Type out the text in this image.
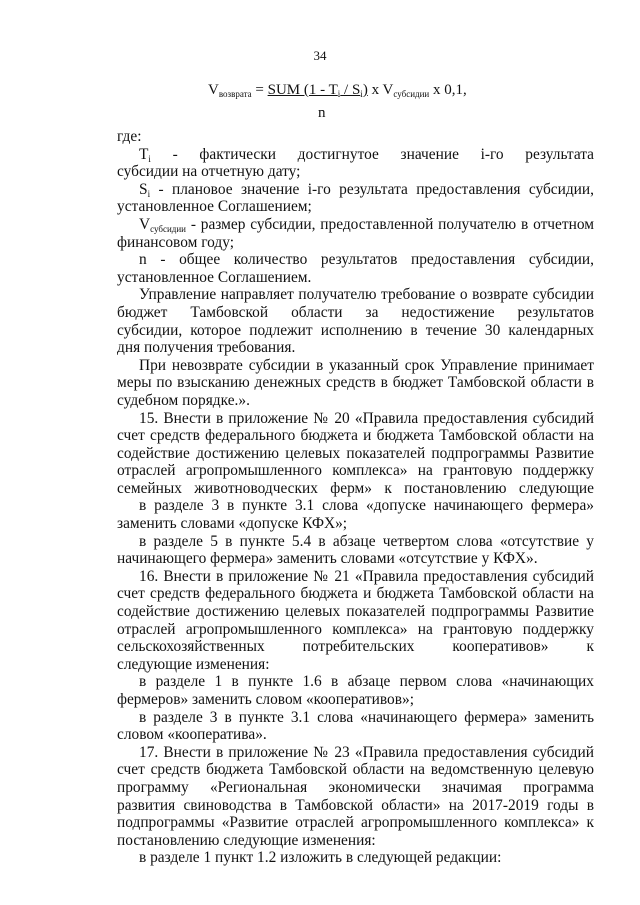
34
$V_{возврата}$ = SUM $(1 - T_i / S_i)$ x $V_{субсидии}$ x 0,1,
n
где:
Ti - фактически достигнутое значение i-го результата
субсидии на отчетную дату;
Si - плановое значение i-го результата предоставления субсидии,
установленное Соглашением;
Vсубсидии - размер субсидии, предоставленной получателю в отчетном
финансовом году;
n - общее количество результатов предоставления субсидии,
установленное Соглашением.
Управление направляет получателю требование о возврате субсидии
бюджет Тамбовской области за недостижение результатов
субсидии, которое подлежит исполнению в течение 30 календарных
дня получения требования.
При невозврате субсидии в указанный срок Управление принимает
меры по взысканию денежных средств в бюджет Тамбовской области в
судебном порядке.».
15. Внести в приложение № 20 «Правила предоставления субсидий
счет средств федерального бюджета и бюджета Тамбовской области на
содействие достижению целевых показателей подпрограммы Развитие
отраслей агропромышленного комплекса» на грантовую поддержку
семейных животноводческих ферм» к постановлению следующие
в разделе 3 в пункте 3.1 слова «допуске начинающего фермера»
заменить словами «допуске КФХ»;
в разделе 5 в пункте 5.4 в абзаце четвертом слова «отсутствие у
начинающего фермера» заменить словами «отсутствие у КФХ».
16. Внести в приложение № 21 «Правила предоставления субсидий
счет средств федерального бюджета и бюджета Тамбовской области на
содействие достижению целевых показателей подпрограммы Развитие
отраслей агропромышленного комплекса» на грантовую поддержку
сельскохозяйственных потребительских кооперативов» к
следующие изменения:
в разделе 1 в пункте 1.6 в абзаце первом слова «начинающих
фермеров» заменить словом «кооперативов»;
в разделе 3 в пункте 3.1 слова «начинающего фермера» заменить
словом «кооператива».
17. Внести в приложение № 23 «Правила предоставления субсидий
счет средств бюджета Тамбовской области на ведомственную целевую
программу «Региональная экономически значимая программа
развития свиноводства в Тамбовской области» на 2017-2019 годы в
подпрограммы «Развитие отраслей агропромышленного комплекса» к
постановлению следующие изменения:
в разделе 1 пункт 1.2 изложить в следующей редакции:
